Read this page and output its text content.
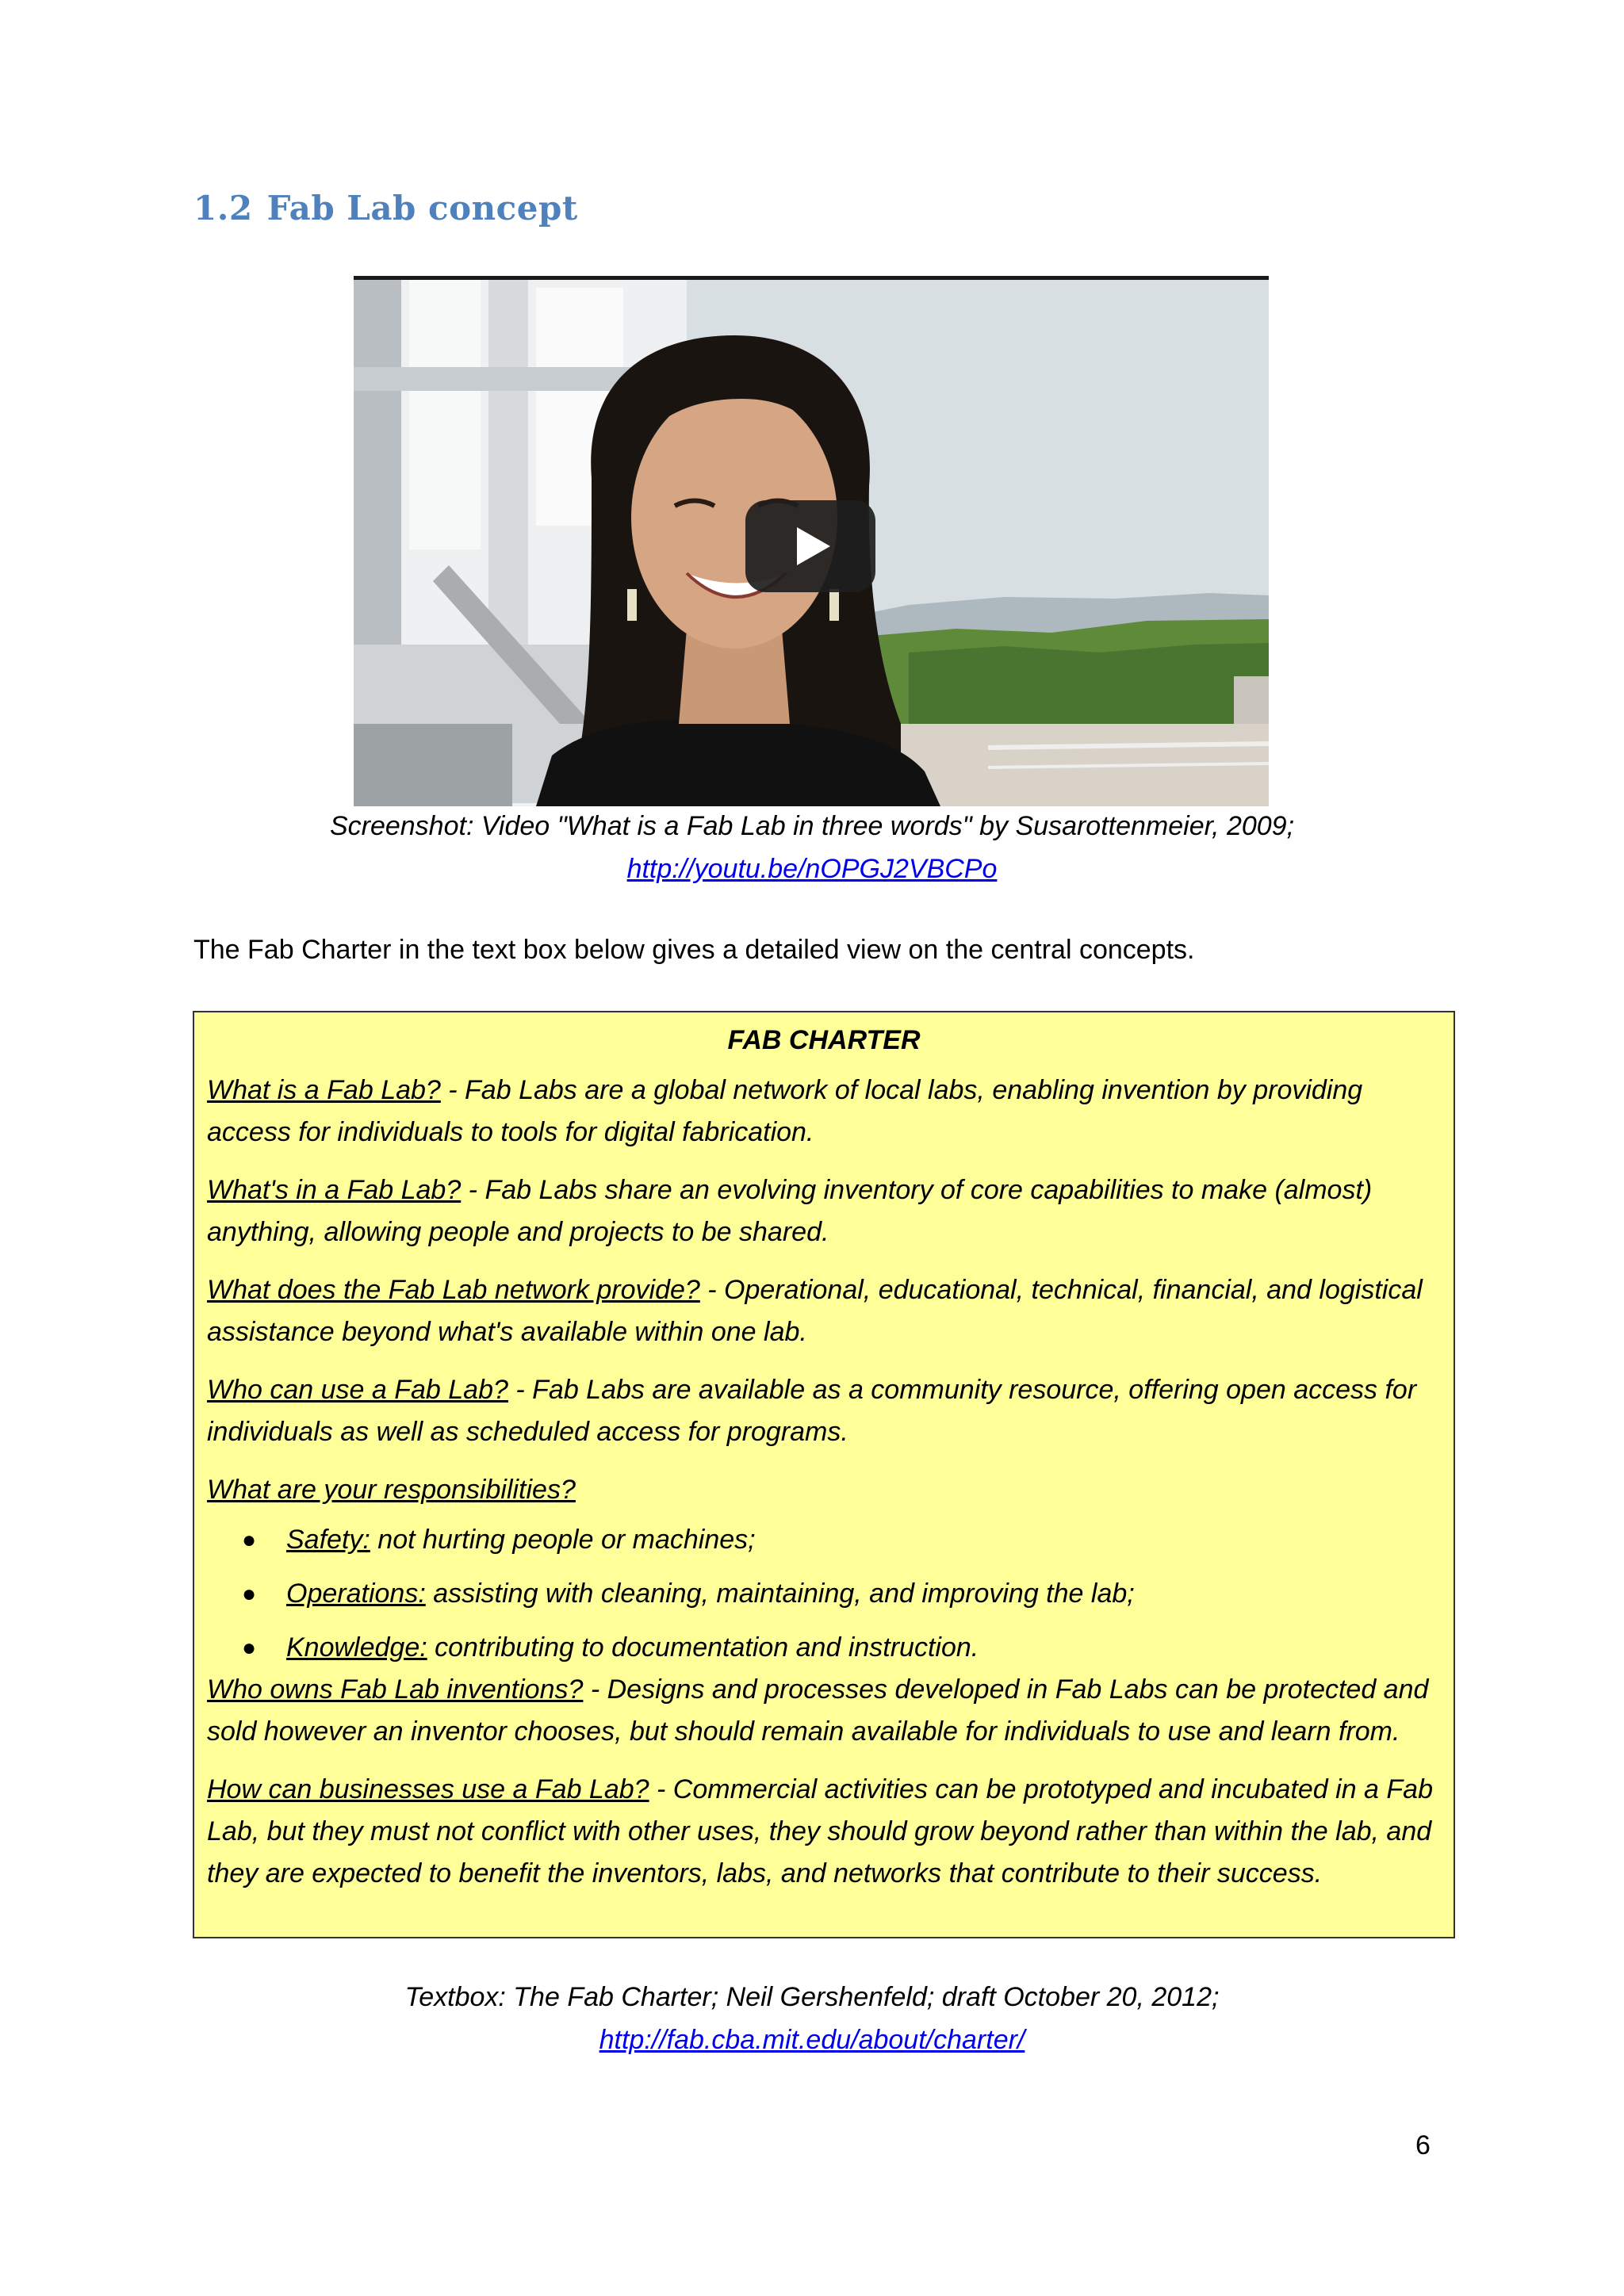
1.2 Fab Lab concept
Screenshot: Video "What is a Fab Lab in three words" by Susarottenmeier, 2009;
http://youtu.be/nOPGJ2VBCPo
The Fab Charter in the text box below gives a detailed view on the central concepts.
FAB CHARTER
What is a Fab Lab? - Fab Labs are a global network of local labs, enabling invention by providing access for individuals to tools for digital fabrication.
What's in a Fab Lab? - Fab Labs share an evolving inventory of core capabilities to make (almost) anything, allowing people and projects to be shared.
What does the Fab Lab network provide? - Operational, educational, technical, financial, and logistical assistance beyond what's available within one lab.
Who can use a Fab Lab? - Fab Labs are available as a community resource, offering open access for individuals as well as scheduled access for programs.
What are your responsibilities?
● Safety: not hurting people or machines;
● Operations: assisting with cleaning, maintaining, and improving the lab;
● Knowledge: contributing to documentation and instruction.
Who owns Fab Lab inventions? - Designs and processes developed in Fab Labs can be protected and sold however an inventor chooses, but should remain available for individuals to use and learn from.
How can businesses use a Fab Lab? - Commercial activities can be prototyped and incubated in a Fab Lab, but they must not conflict with other uses, they should grow beyond rather than within the lab, and they are expected to benefit the inventors, labs, and networks that contribute to their success.
Textbox: The Fab Charter; Neil Gershenfeld; draft October 20, 2012;
http://fab.cba.mit.edu/about/charter/
6
